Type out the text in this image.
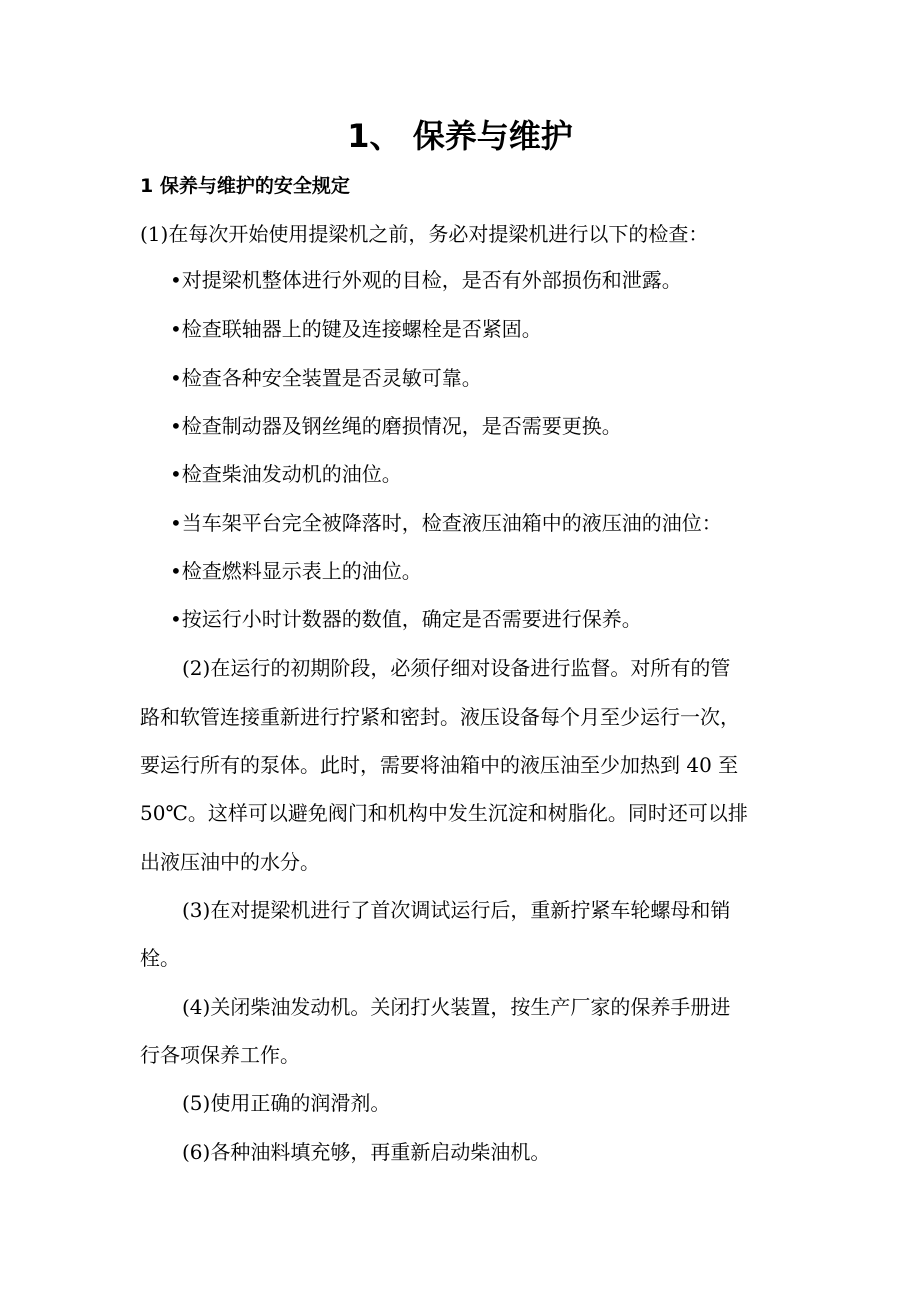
1、 保养与维护
1 保养与维护的安全规定
(1)在每次开始使用提梁机之前，务必对提梁机进行以下的检查：
•对提梁机整体进行外观的目检，是否有外部损伤和泄露。
•检查联轴器上的键及连接螺栓是否紧固。
•检查各种安全装置是否灵敏可靠。
•检查制动器及钢丝绳的磨损情况，是否需要更换。
•检查柴油发动机的油位。
•当车架平台完全被降落时，检查液压油箱中的液压油的油位：
•检查燃料显示表上的油位。
•按运行小时计数器的数值，确定是否需要进行保养。
(2)在运行的初期阶段，必须仔细对设备进行监督。对所有的管
路和软管连接重新进行拧紧和密封。液压设备每个月至少运行一次，
要运行所有的泵体。此时，需要将油箱中的液压油至少加热到 40 至
50℃。这样可以避免阀门和机构中发生沉淀和树脂化。同时还可以排
出液压油中的水分。
(3)在对提梁机进行了首次调试运行后，重新拧紧车轮螺母和销
栓。
(4)关闭柴油发动机。关闭打火装置，按生产厂家的保养手册进
行各项保养工作。
(5)使用正确的润滑剂。
(6)各种油料填充够，再重新启动柴油机。
